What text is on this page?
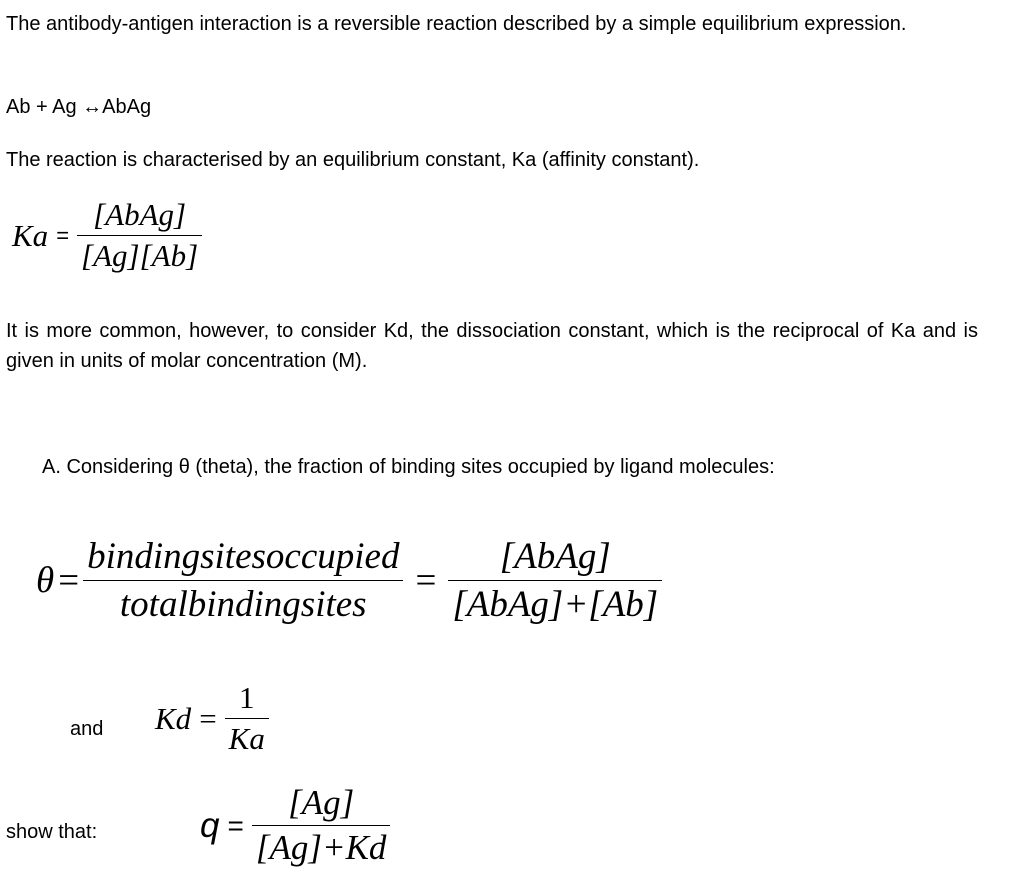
The antibody-antigen interaction is a reversible reaction described by a simple equilibrium expression.
Ab + Ag ↔AbAg
The reaction is characterised by an equilibrium constant, Ka (affinity constant).
$Ka = \frac{\text{[AbAg]}}{[Ag][Ab]}$
It is more common, however, to consider Kd, the dissociation constant, which is the reciprocal of Ka and is given in units of molar concentration (M).
A. Considering θ (theta), the fraction of binding sites occupied by ligand molecules:
$\theta = \frac{\text{bindingsitesoccupied}}{\text{totalbindingsites}} = \frac{\text{[AbAg]}}{\text{[AbAg]+[Ab]}}$
and $Kd = \frac{1}{Ka}$
show that:	$q = \frac{[Ag]}{[Ag]+Kd}$
